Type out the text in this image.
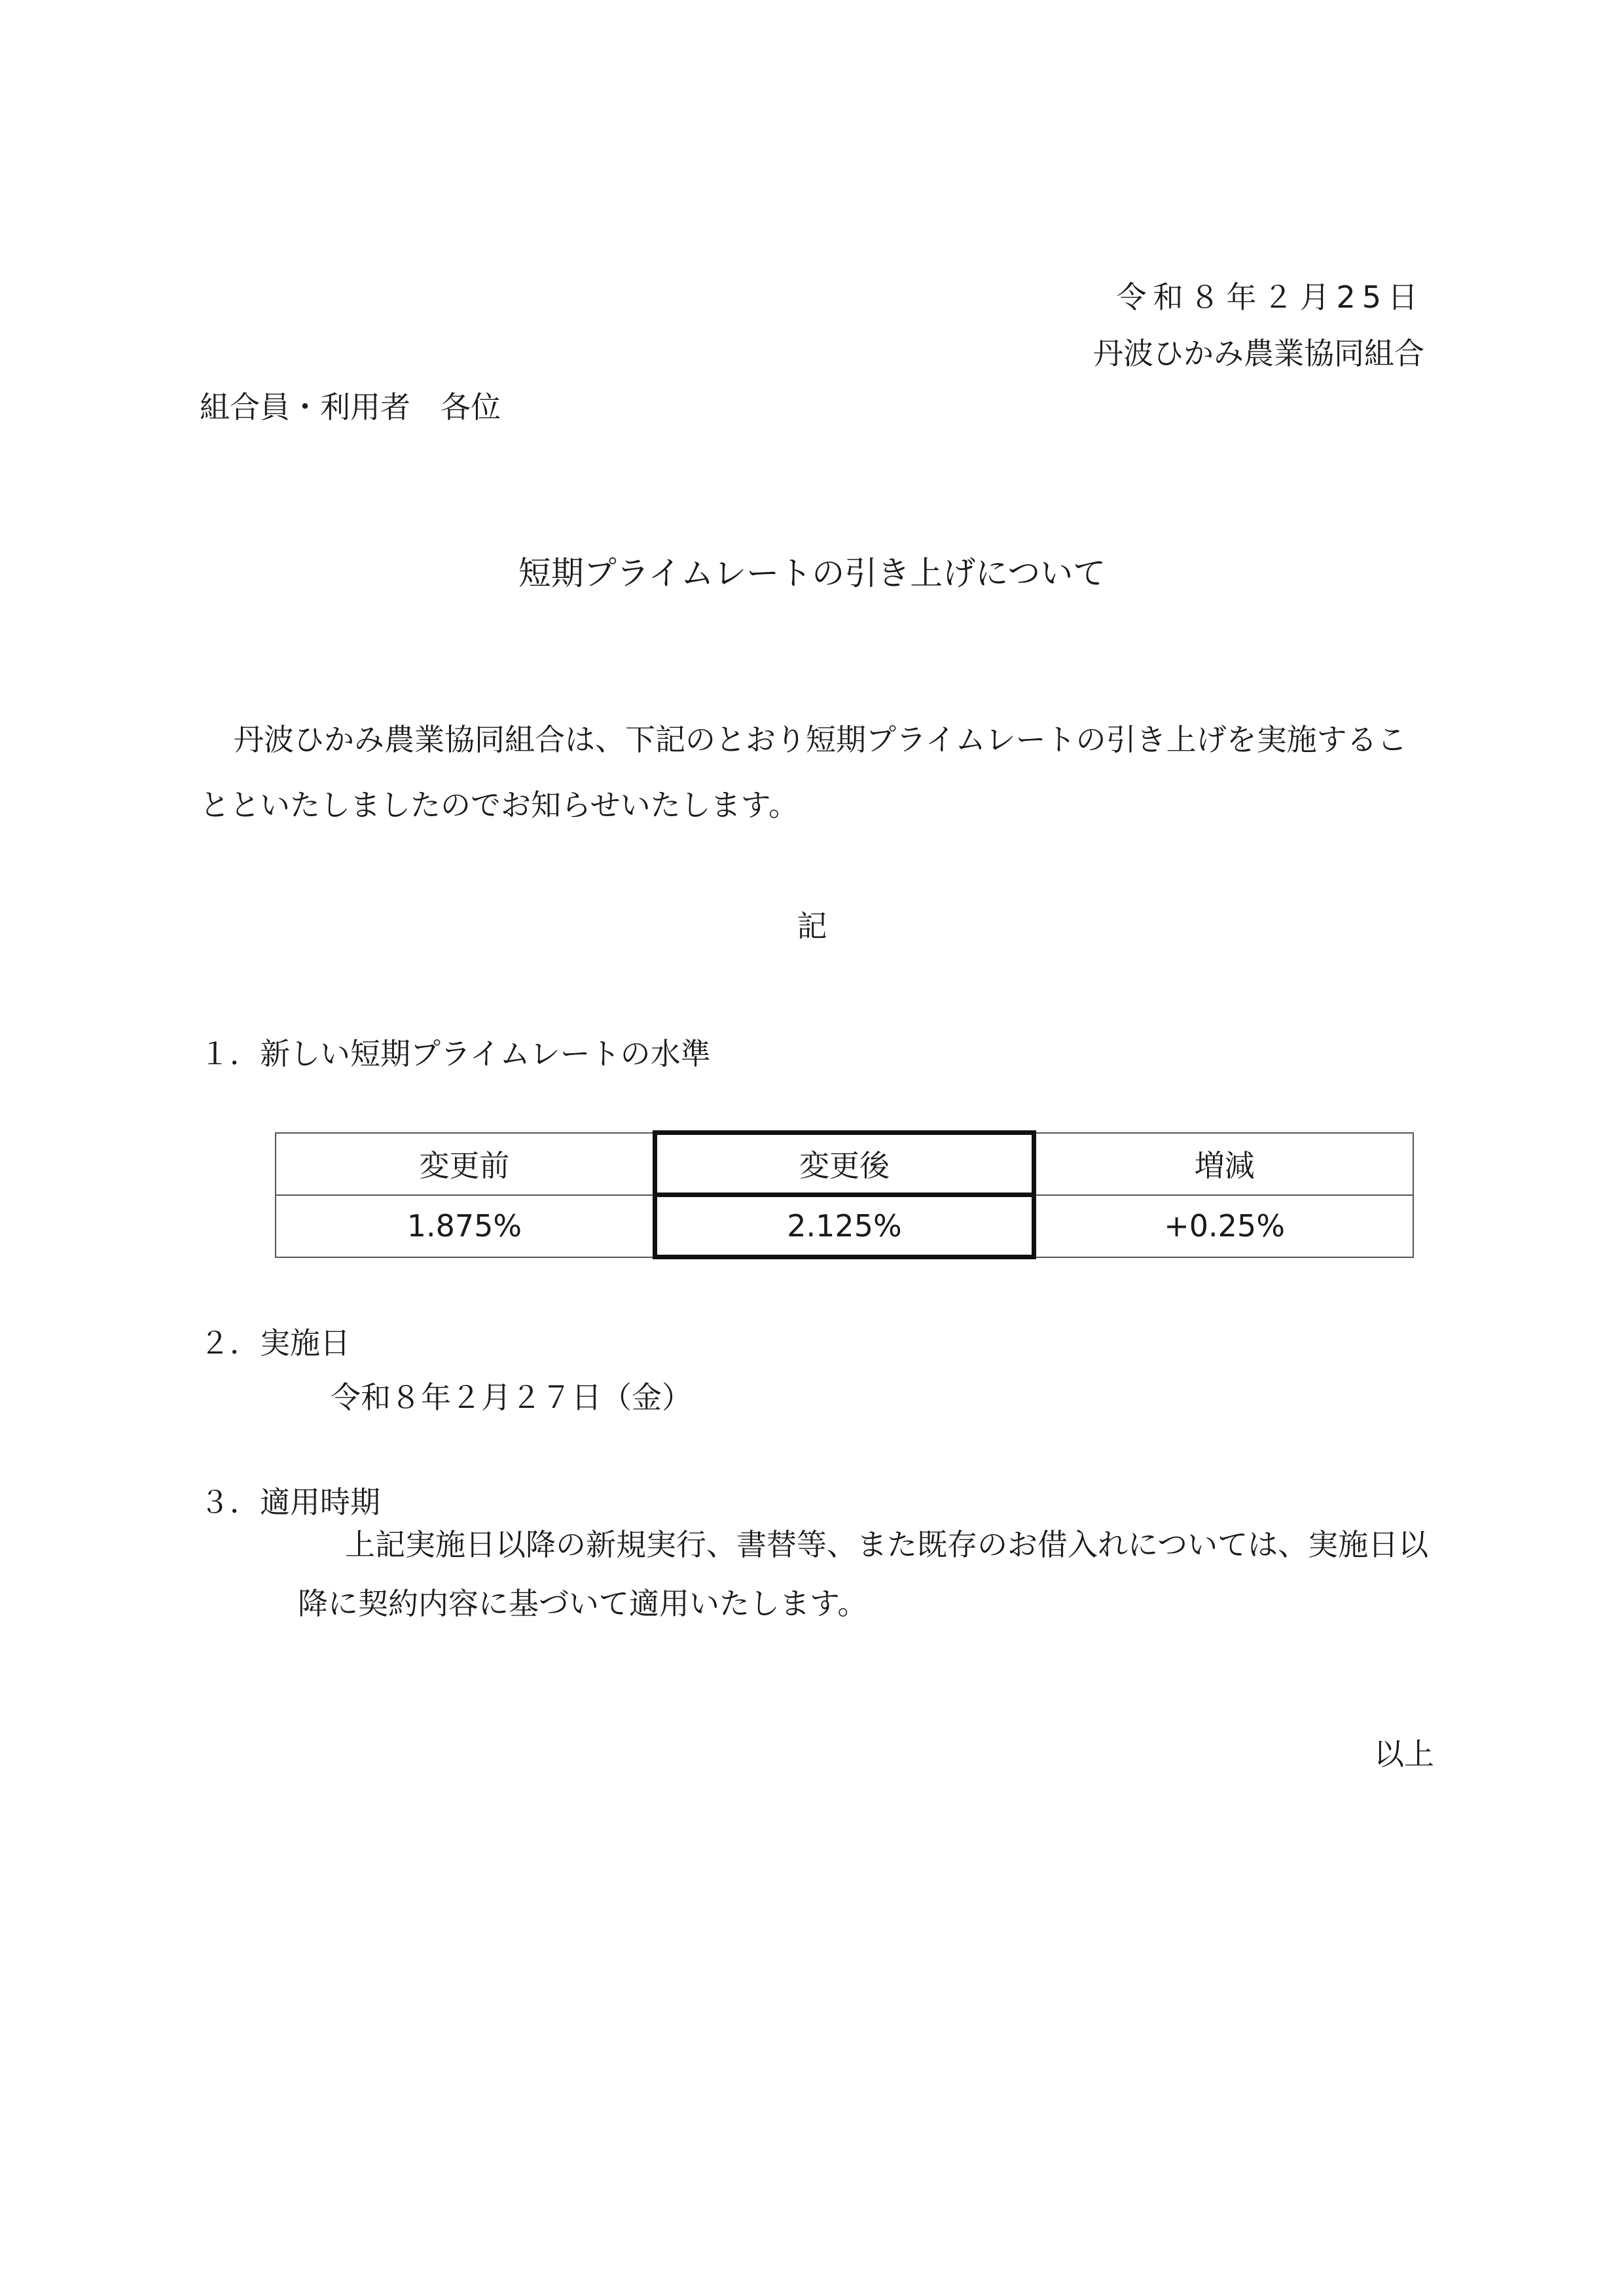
令和８年２月25日

丹波ひかみ農業協同組合

組合員・利用者　各位

短期プライムレートの引き上げについて

丹波ひかみ農業協同組合は、下記のとおり短期プライムレートの引き上げを実施することといたしましたのでお知らせいたします。

記

１．新しい短期プライムレートの水準

変更前	変更後	増減
1.875%	2.125%	+0.25%

２．実施日

令和８年２月２７日（金）

３．適用時期

上記実施日以降の新規実行、書替等、また既存のお借入れについては、実施日以降に契約内容に基づいて適用いたします。

以上
